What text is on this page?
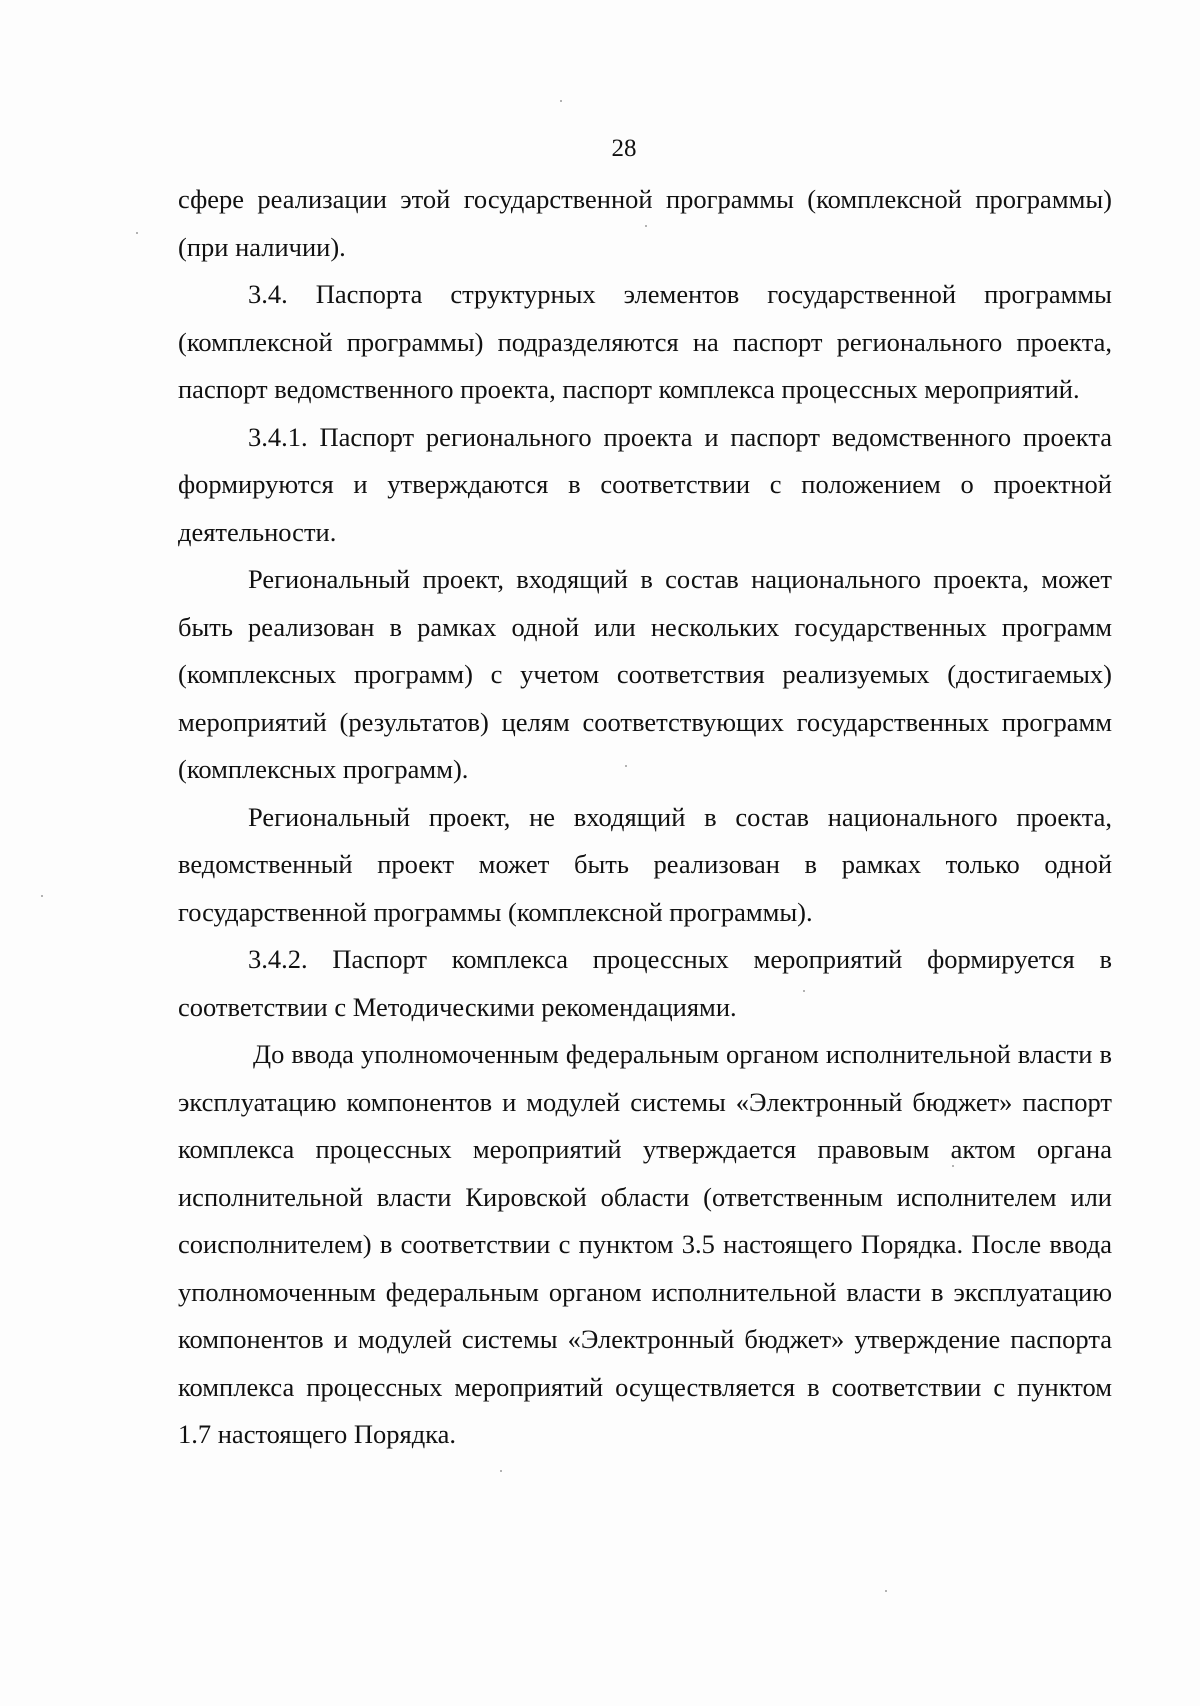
28

сфере реализации этой государственной программы (комплексной программы) (при наличии).

3.4. Паспорта структурных элементов государственной программы (комплексной программы) подразделяются на паспорт регионального проекта, паспорт ведомственного проекта, паспорт комплекса процессных мероприятий.

3.4.1. Паспорт регионального проекта и паспорт ведомственного проекта формируются и утверждаются в соответствии с положением о проектной деятельности.

Региональный проект, входящий в состав национального проекта, может быть реализован в рамках одной или нескольких государственных программ (комплексных программ) с учетом соответствия реализуемых (достигаемых) мероприятий (результатов) целям соответствующих государственных программ (комплексных программ).

Региональный проект, не входящий в состав национального проекта, ведомственный проект может быть реализован в рамках только одной государственной программы (комплексной программы).

3.4.2. Паспорт комплекса процессных мероприятий формируется в соответствии с Методическими рекомендациями.

До ввода уполномоченным федеральным органом исполнительной власти в эксплуатацию компонентов и модулей системы «Электронный бюджет» паспорт комплекса процессных мероприятий утверждается правовым актом органа исполнительной власти Кировской области (ответственным исполнителем или соисполнителем) в соответствии с пунктом 3.5 настоящего Порядка. После ввода уполномоченным федеральным органом исполнительной власти в эксплуатацию компонентов и модулей системы «Электронный бюджет» утверждение паспорта комплекса процессных мероприятий осуществляется в соответствии с пунктом 1.7 настоящего Порядка.
